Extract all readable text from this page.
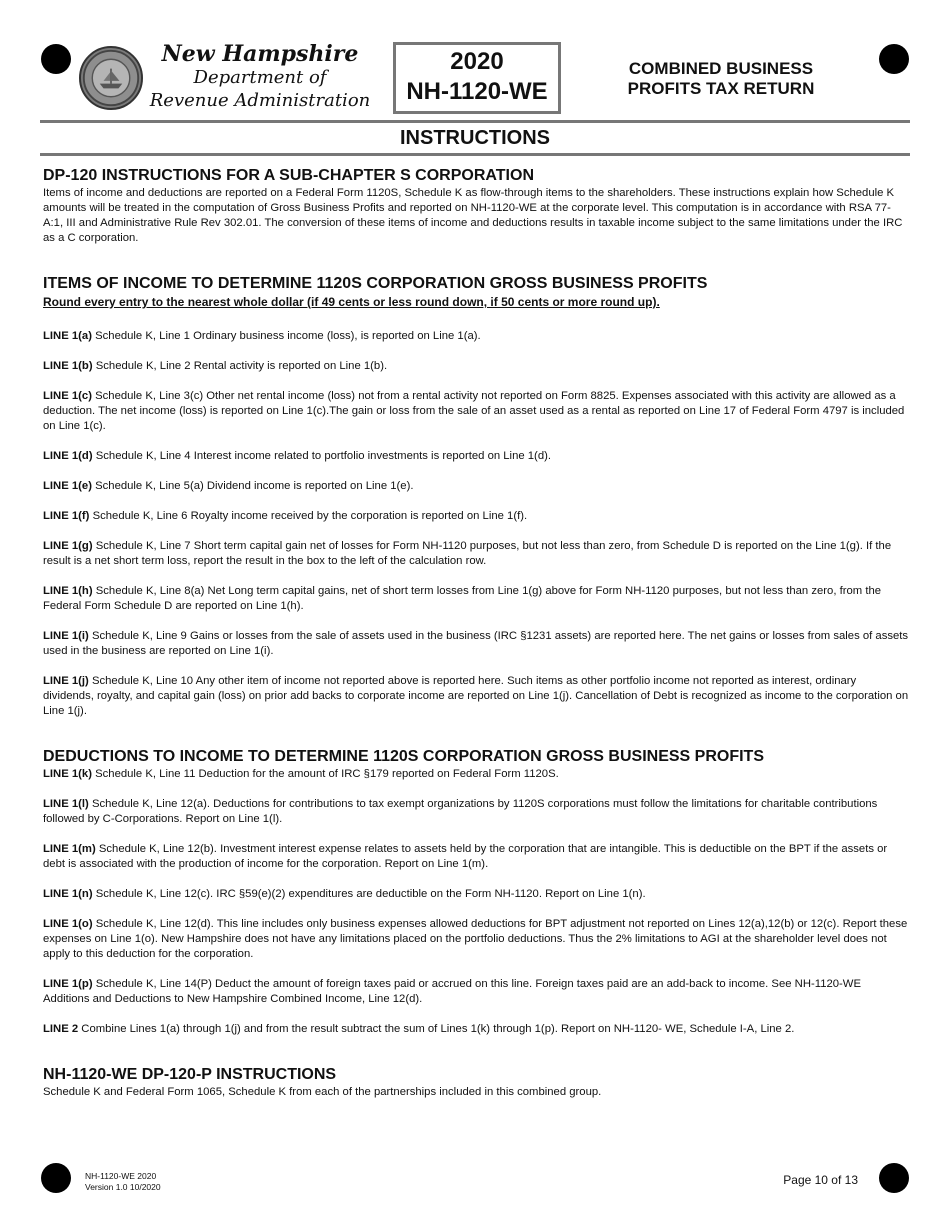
New Hampshire
Department of
Revenue Administration
2020
NH-1120-WE
COMBINED BUSINESS
PROFITS TAX RETURN
INSTRUCTIONS
DP-120 INSTRUCTIONS FOR A SUB-CHAPTER S CORPORATION

Items of income and deductions are reported on a Federal Form 1120S, Schedule K as flow-through items to the shareholders. These instructions explain how Schedule K amounts will be treated in the computation of Gross Business Profits and reported on NH-1120-WE at the corporate level. This computation is in accordance with RSA 77-A:1, III and Administrative Rule Rev 302.01. The conversion of these items of income and deductions results in taxable income subject to the same limitations under the IRC as a C corporation.

ITEMS OF INCOME TO DETERMINE 1120S CORPORATION GROSS BUSINESS PROFITS

Round every entry to the nearest whole dollar (if 49 cents or less round down, if 50 cents or more round up).

LINE 1(a) Schedule K, Line 1 Ordinary business income (loss), is reported on Line 1(a).

LINE 1(b) Schedule K, Line 2 Rental activity is reported on Line 1(b).

LINE 1(c) Schedule K, Line 3(c) Other net rental income (loss) not from a rental activity not reported on Form 8825. Expenses associated with this activity are allowed as a deduction. The net income (loss) is reported on Line 1(c).The gain or loss from the sale of an asset used as a rental as reported on Line 17 of Federal Form 4797 is included on Line 1(c).

LINE 1(d) Schedule K, Line 4 Interest income related to portfolio investments is reported on Line 1(d).

LINE 1(e) Schedule K, Line 5(a) Dividend income is reported on Line 1(e).

LINE 1(f) Schedule K, Line 6 Royalty income received by the corporation is reported on Line 1(f).

LINE 1(g) Schedule K, Line 7 Short term capital gain net of losses for Form NH-1120 purposes, but not less than zero, from Schedule D is reported on the Line 1(g). If the result is a net short term loss, report the result in the box to the left of the calculation row.

LINE 1(h) Schedule K, Line 8(a) Net Long term capital gains, net of short term losses from Line 1(g) above for Form NH-1120 purposes, but not less than zero, from the Federal Form Schedule D are reported on Line 1(h).

LINE 1(i) Schedule K, Line 9 Gains or losses from the sale of assets used in the business (IRC §1231 assets) are reported here. The net gains or losses from sales of assets used in the business are reported on Line 1(i).

LINE 1(j) Schedule K, Line 10 Any other item of income not reported above is reported here. Such items as other portfolio income not reported as interest, ordinary dividends, royalty, and capital gain (loss) on prior add backs to corporate income are reported on Line 1(j). Cancellation of Debt is recognized as income to the corporation on Line 1(j).

DEDUCTIONS TO INCOME TO DETERMINE 1120S CORPORATION GROSS BUSINESS PROFITS

LINE 1(k) Schedule K, Line 11 Deduction for the amount of IRC §179 reported on Federal Form 1120S.

LINE 1(l) Schedule K, Line 12(a). Deductions for contributions to tax exempt organizations by 1120S corporations must follow the limitations for charitable contributions followed by C-Corporations. Report on Line 1(l).

LINE 1(m) Schedule K, Line 12(b). Investment interest expense relates to assets held by the corporation that are intangible. This is deductible on the BPT if the assets or debt is associated with the production of income for the corporation. Report on Line 1(m).

LINE 1(n) Schedule K, Line 12(c). IRC §59(e)(2) expenditures are deductible on the Form NH-1120. Report on Line 1(n).

LINE 1(o) Schedule K, Line 12(d). This line includes only business expenses allowed deductions for BPT adjustment not reported on Lines 12(a),12(b) or 12(c). Report these expenses on Line 1(o). New Hampshire does not have any limitations placed on the portfolio deductions. Thus the 2% limitations to AGI at the shareholder level does not apply to this deduction for the corporation.

LINE 1(p) Schedule K, Line 14(P) Deduct the amount of foreign taxes paid or accrued on this line. Foreign taxes paid are an add-back to income. See NH-1120-WE Additions and Deductions to New Hampshire Combined Income, Line 12(d).

LINE 2 Combine Lines 1(a) through 1(j) and from the result subtract the sum of Lines 1(k) through 1(p). Report on NH-1120- WE, Schedule I-A, Line 2.

NH-1120-WE DP-120-P INSTRUCTIONS

Schedule K and Federal Form 1065, Schedule K from each of the partnerships included in this combined group.

NH-1120-WE 2020
Version 1.0 10/2020	Page 10 of 13
